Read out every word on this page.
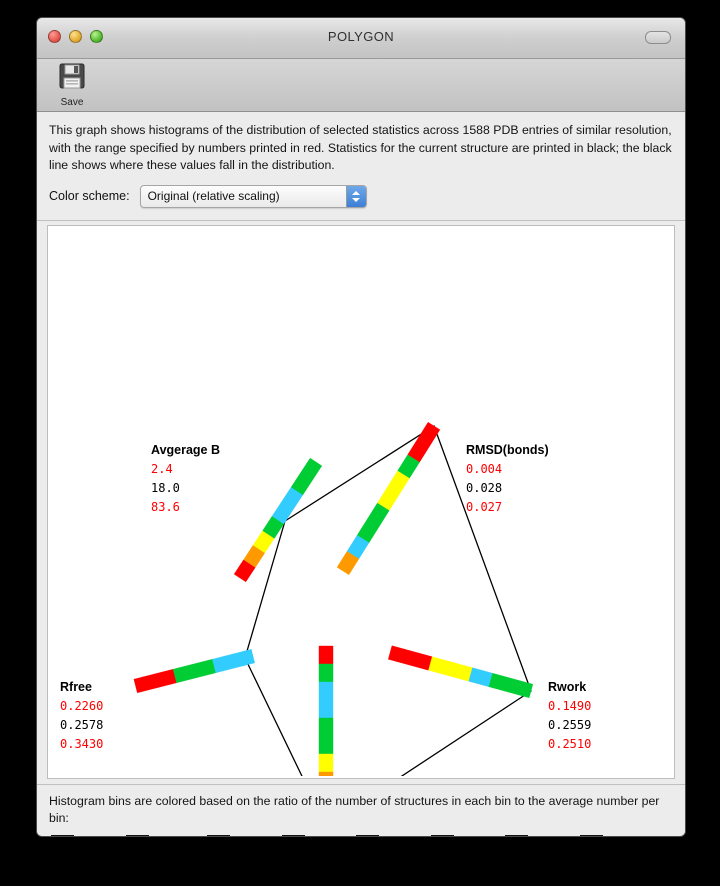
POLYGON
Save

This graph shows histograms of the distribution of selected statistics across 1588 PDB entries of similar resolution, with the range specified by numbers printed in red. Statistics for the current structure are printed in black; the black line shows where these values fall in the distribution.

Color scheme:	Original (relative scaling)
Avgerage B
2.4
18.0
83.6
RMSD(bonds)
0.004
0.028
0.027
Rwork
0.1490
0.2559
0.2510
Rfree
0.2260
0.2578
0.3430

Histogram bins are colored based on the ratio of the number of structures in each bin to the average number per bin:
